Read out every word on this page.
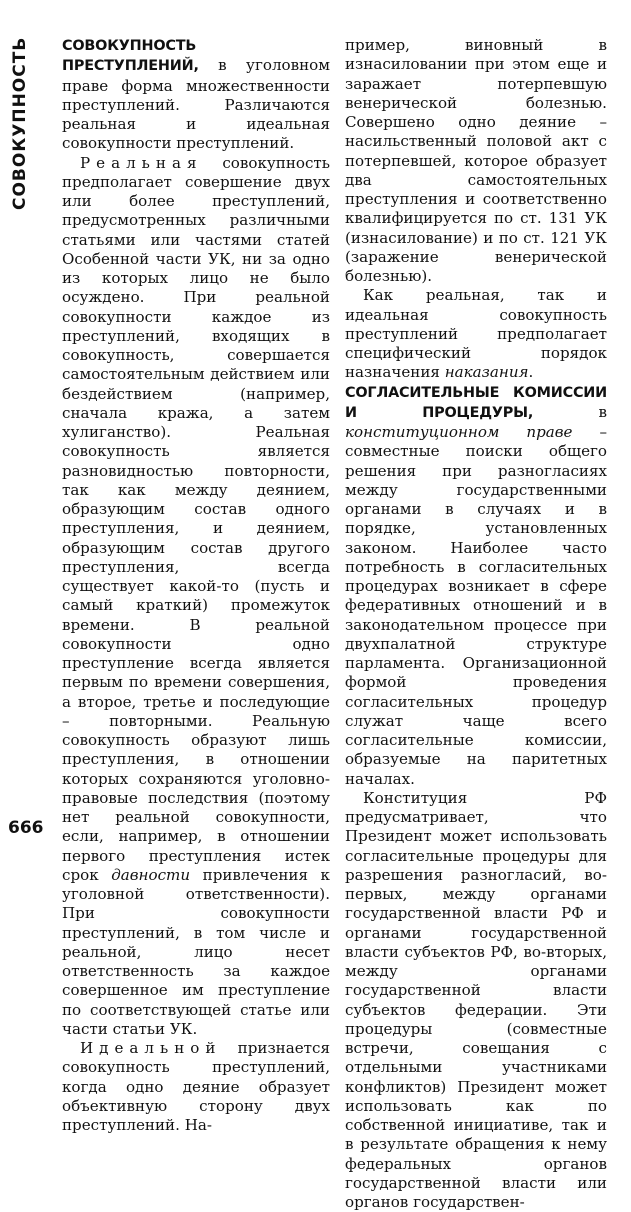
СОВОКУПНОСТЬ	СОВОКУПНОСТЬ ПРЕСТУПЛЕНИЙ, в уголовном праве форма множественности преступлений. Различаются реальная и идеальная совокупности преступлений.

Реальная совокупность предполагает совершение двух или более преступлений, предусмотренных различными статьями или частями статей Особенной части УК, ни за одно из которых лицо не было осуждено. При реальной совокупности каждое из преступлений, входящих в совокупность, совершается самостоятельным действием или бездействием (например, сначала кража, а затем хулиганство). Реальная совокупность является разновидностью повторности, так как между деянием, образующим состав одного преступления, и деянием, образующим состав другого преступления, всегда существует какой-то (пусть и самый краткий) промежуток времени. В реальной совокупности одно преступление всегда является первым по времени совершения, а второе, третье и последующие – повторными. Реальную совокупность образуют лишь преступления, в отношении которых сохраняются уголовно-правовые последствия (поэтому нет реальной совокупности, если, например, в отношении первого преступления истек срок давности привлечения к уголовной ответственности). При совокупности преступлений, в том числе и реальной, лицо несет ответственность за каждое совершенное им преступление по соответствующей статье или части статьи УК.

Идеальной признается совокупность преступлений, когда одно деяние образует объективную сторону двух преступлений. На-

пример, виновный в изнасиловании при этом еще и заражает потерпевшую венерической болезнью. Совершено одно деяние – насильственный половой акт с потерпевшей, которое образует два самостоятельных преступления и соответственно квалифицируется по ст. 131 УК (изнасилование) и по ст. 121 УК (заражение венерической болезнью).

Как реальная, так и идеальная совокупность преступлений предполагает специфический порядок назначения наказания.

СОГЛАСИТЕЛЬНЫЕ КОМИССИИ И ПРОЦЕДУРЫ, в конституционном праве – совместные поиски общего решения при разногласиях между государственными органами в случаях и в порядке, установленных законом. Наиболее часто потребность в согласительных процедурах возникает в сфере федеративных отношений и в законодательном процессе при двухпалатной структуре парламента. Организационной формой проведения согласительных процедур служат чаще всего согласительные комиссии, образуемые на паритетных началах.

Конституция РФ предусматривает, что Президент может использовать согласительные процедуры для разрешения разногласий, во-первых, между органами государственной власти РФ и органами государственной власти субъектов РФ, во-вторых, между органами государственной власти субъектов федерации. Эти процедуры (совместные встречи, совещания с отдельными участниками конфликтов) Президент может использовать как по собственной инициативе, так и в результате обращения к нему федеральных органов государственной власти или органов государствен-

666
